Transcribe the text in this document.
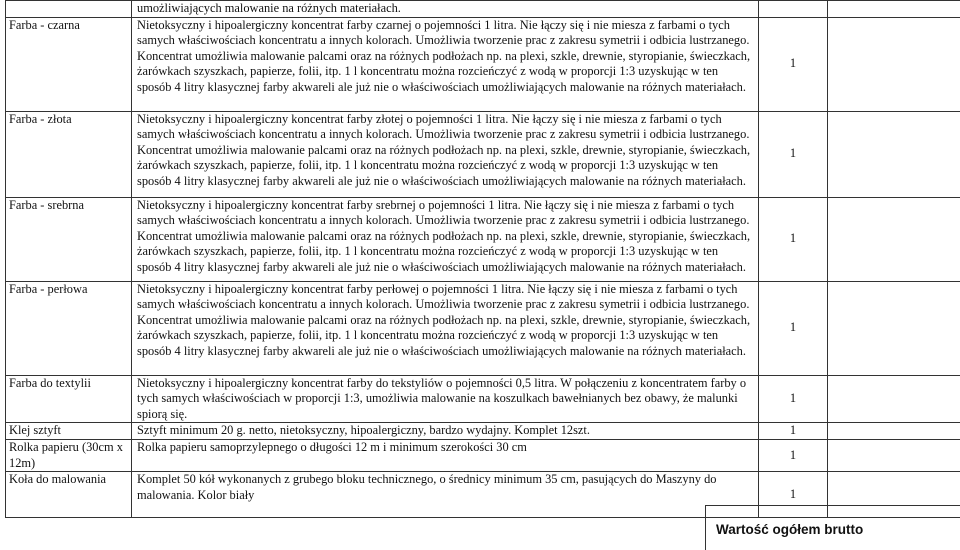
	umożliwiających malowanie na różnych materiałach.		
Farba - czarna	Nietoksyczny i hipoalergiczny koncentrat farby czarnej o pojemności 1 litra. Nie łączy się i nie miesza z farbami o tych samych właściwościach koncentratu a innych kolorach. Umożliwia tworzenie prac z zakresu symetrii i odbicia lustrzanego. Koncentrat umożliwia malowanie palcami oraz na różnych podłożach np. na plexi, szkle, drewnie, styropianie, świeczkach, żarówkach szyszkach, papierze, folii, itp. 1 l koncentratu można rozcieńczyć z wodą w proporcji 1:3 uzyskując w ten sposób 4 litry klasycznej farby akwareli ale już nie o właściwościach umożliwiających malowanie na różnych materiałach.	1	
Farba - złota	Nietoksyczny i hipoalergiczny koncentrat farby złotej o pojemności 1 litra. Nie łączy się i nie miesza z farbami o tych samych właściwościach koncentratu a innych kolorach. Umożliwia tworzenie prac z zakresu symetrii i odbicia lustrzanego. Koncentrat umożliwia malowanie palcami oraz na różnych podłożach np. na plexi, szkle, drewnie, styropianie, świeczkach, żarówkach szyszkach, papierze, folii, itp. 1 l koncentratu można rozcieńczyć z wodą w proporcji 1:3 uzyskując w ten sposób 4 litry klasycznej farby akwareli ale już nie o właściwościach umożliwiających malowanie na różnych materiałach.	1	
Farba - srebrna	Nietoksyczny i hipoalergiczny koncentrat farby srebrnej o pojemności 1 litra. Nie łączy się i nie miesza z farbami o tych samych właściwościach koncentratu a innych kolorach. Umożliwia tworzenie prac z zakresu symetrii i odbicia lustrzanego. Koncentrat umożliwia malowanie palcami oraz na różnych podłożach np. na plexi, szkle, drewnie, styropianie, świeczkach, żarówkach szyszkach, papierze, folii, itp. 1 l koncentratu można rozcieńczyć z wodą w proporcji 1:3 uzyskując w ten sposób 4 litry klasycznej farby akwareli ale już nie o właściwościach umożliwiających malowanie na różnych materiałach.	1	
Farba - perłowa	Nietoksyczny i hipoalergiczny koncentrat farby perłowej o pojemności 1 litra. Nie łączy się i nie miesza z farbami o tych samych właściwościach koncentratu a innych kolorach. Umożliwia tworzenie prac z zakresu symetrii i odbicia lustrzanego. Koncentrat umożliwia malowanie palcami oraz na różnych podłożach np. na plexi, szkle, drewnie, styropianie, świeczkach, żarówkach szyszkach, papierze, folii, itp. 1 l koncentratu można rozcieńczyć z wodą w proporcji 1:3 uzyskując w ten sposób 4 litry klasycznej farby akwareli ale już nie o właściwościach umożliwiających malowanie na różnych materiałach.	1	
Farba do textylii	Nietoksyczny i hipoalergiczny koncentrat farby do tekstyliów o pojemności 0,5 litra. W połączeniu z koncentratem farby o tych samych właściwościach w proporcji 1:3, umożliwia malowanie na koszulkach bawełnianych bez obawy, że malunki spiorą się.	1	
Klej sztyft	Sztyft minimum 20 g. netto, nietoksyczny, hipoalergiczny, bardzo wydajny. Komplet 12szt.	1	
Rolka papieru (30cm x 12m)	Rolka papieru samoprzylepnego o długości 12 m i minimum szerokości 30 cm	1	
Koła do malowania	Komplet 50 kół wykonanych z grubego bloku technicznego, o średnicy minimum 35 cm, pasujących do Maszyny do malowania. Kolor biały	1	
Wartość ogółem brutto
